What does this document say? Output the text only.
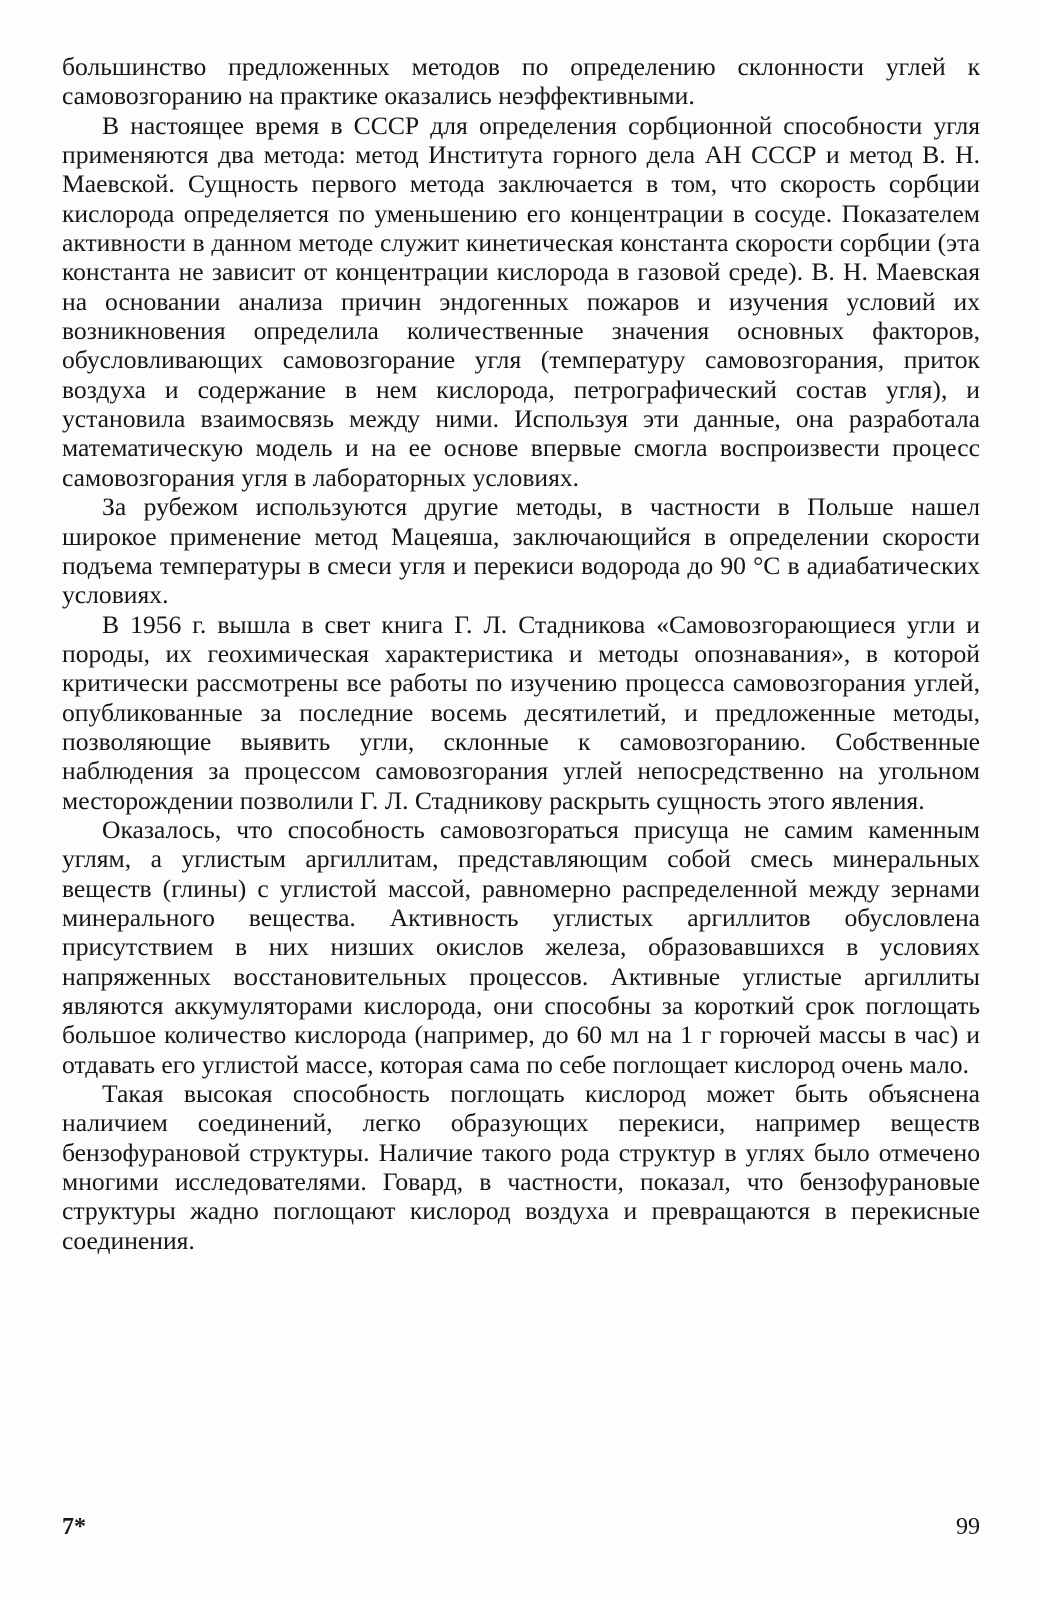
большинство предложенных методов по определению склонности углей к самовозгоранию на практике оказались неэффективными.

В настоящее время в СССР для определения сорбционной способности угля применяются два метода: метод Института горного дела АН СССР и метод В. Н. Маевской. Сущность первого метода заключается в том, что скорость сорбции кислорода определяется по уменьшению его концентрации в сосуде. Показателем активности в данном методе служит кинетическая константа скорости сорбции (эта константа не зависит от концентрации кислорода в газовой среде). В. Н. Маевская на основании анализа причин эндогенных пожаров и изучения условий их возникновения определила количественные значения основных факторов, обусловливающих самовозгорание угля (температуру самовозгорания, приток воздуха и содержание в нем кислорода, петрографический состав угля), и установила взаимосвязь между ними. Используя эти данные, она разработала математическую модель и на ее основе впервые смогла воспроизвести процесс самовозгорания угля в лабораторных условиях.

За рубежом используются другие методы, в частности в Польше нашел широкое применение метод Мацеяша, заключающийся в определении скорости подъема температуры в смеси угля и перекиси водорода до 90 °C в адиабатических условиях.

В 1956 г. вышла в свет книга Г. Л. Стадникова «Самовозгорающиеся угли и породы, их геохимическая характеристика и методы опознавания», в которой критически рассмотрены все работы по изучению процесса самовозгорания углей, опубликованные за последние восемь десятилетий, и предложенные методы, позволяющие выявить угли, склонные к самовозгоранию. Собственные наблюдения за процессом самовозгорания углей непосредственно на угольном месторождении позволили Г. Л. Стадникову раскрыть сущность этого явления.

Оказалось, что способность самовозгораться присуща не самим каменным углям, а углистым аргиллитам, представляющим собой смесь минеральных веществ (глины) с углистой массой, равномерно распределенной между зернами минерального вещества. Активность углистых аргиллитов обусловлена присутствием в них низших окислов железа, образовавшихся в условиях напряженных восстановительных процессов. Активные углистые аргиллиты являются аккумуляторами кислорода, они способны за короткий срок поглощать большое количество кислорода (например, до 60 мл на 1 г горючей массы в час) и отдавать его углистой массе, которая сама по себе поглощает кислород очень мало.

Такая высокая способность поглощать кислород может быть объяснена наличием соединений, легко образующих перекиси, например веществ бензофурановой структуры. Наличие такого рода структур в углях было отмечено многими исследователями. Говард, в частности, показал, что бензофурановые структуры жадно поглощают кислород воздуха и превращаются в перекисные соединения.

7*	99
